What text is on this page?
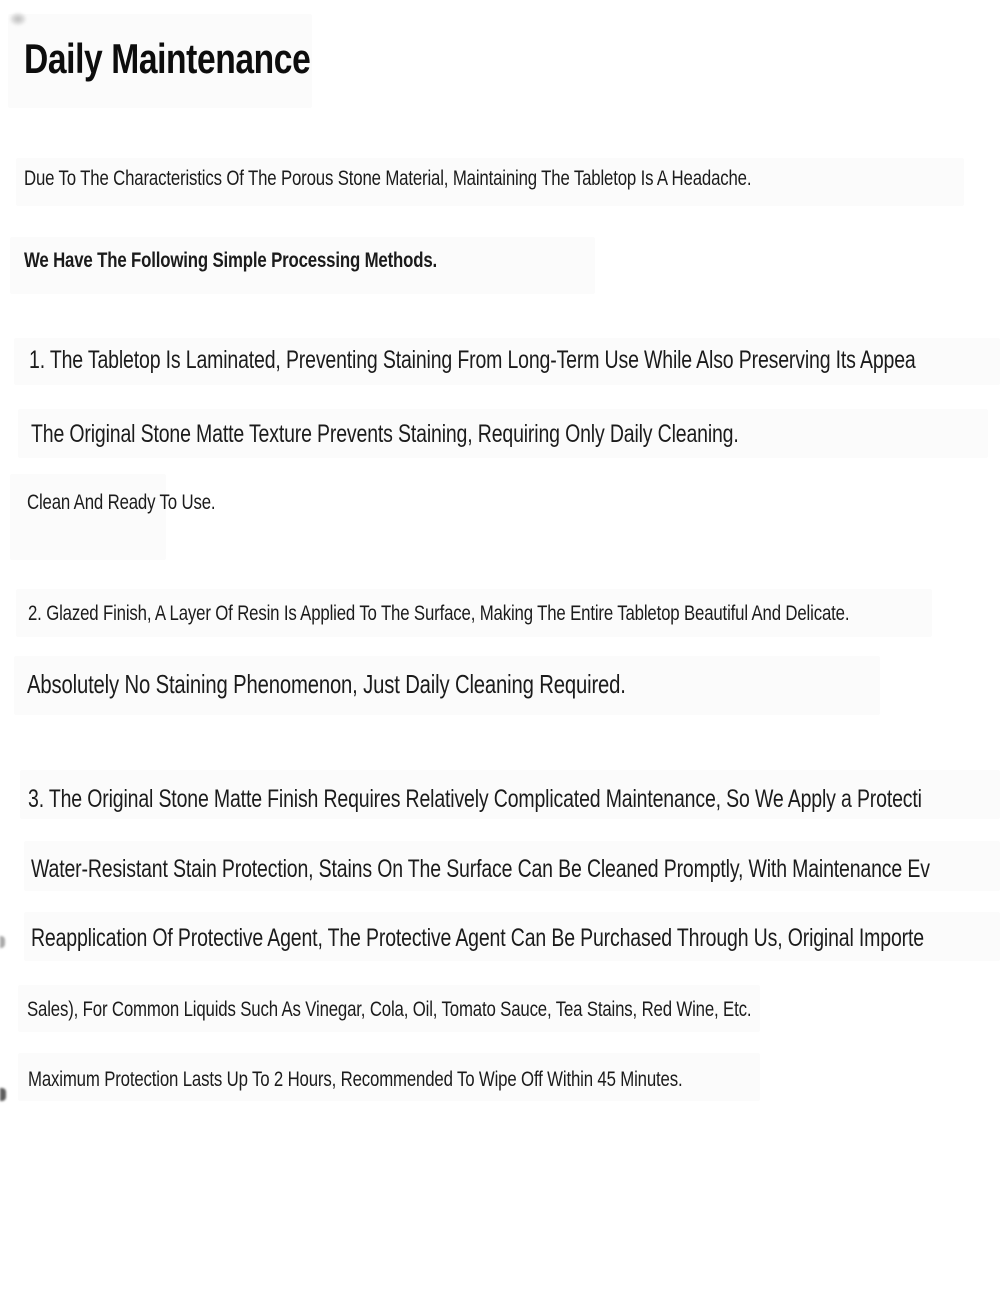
Daily Maintenance
Due To The Characteristics Of The Porous Stone Material, Maintaining The Tabletop Is A Headache.
We Have The Following Simple Processing Methods.
1. The Tabletop Is Laminated, Preventing Staining From Long-Term Use While Also Preserving Its Appea
The Original Stone Matte Texture Prevents Staining, Requiring Only Daily Cleaning.
Clean And Ready To Use.
2. Glazed Finish, A Layer Of Resin Is Applied To The Surface, Making The Entire Tabletop Beautiful And Delicate.
Absolutely No Staining Phenomenon, Just Daily Cleaning Required.
3. The Original Stone Matte Finish Requires Relatively Complicated Maintenance, So We Apply a Protecti
Water-Resistant Stain Protection, Stains On The Surface Can Be Cleaned Promptly, With Maintenance Ev
Reapplication Of Protective Agent, The Protective Agent Can Be Purchased Through Us, Original Importe
Sales), For Common Liquids Such As Vinegar, Cola, Oil, Tomato Sauce, Tea Stains, Red Wine, Etc.
Maximum Protection Lasts Up To 2 Hours, Recommended To Wipe Off Within 45 Minutes.
